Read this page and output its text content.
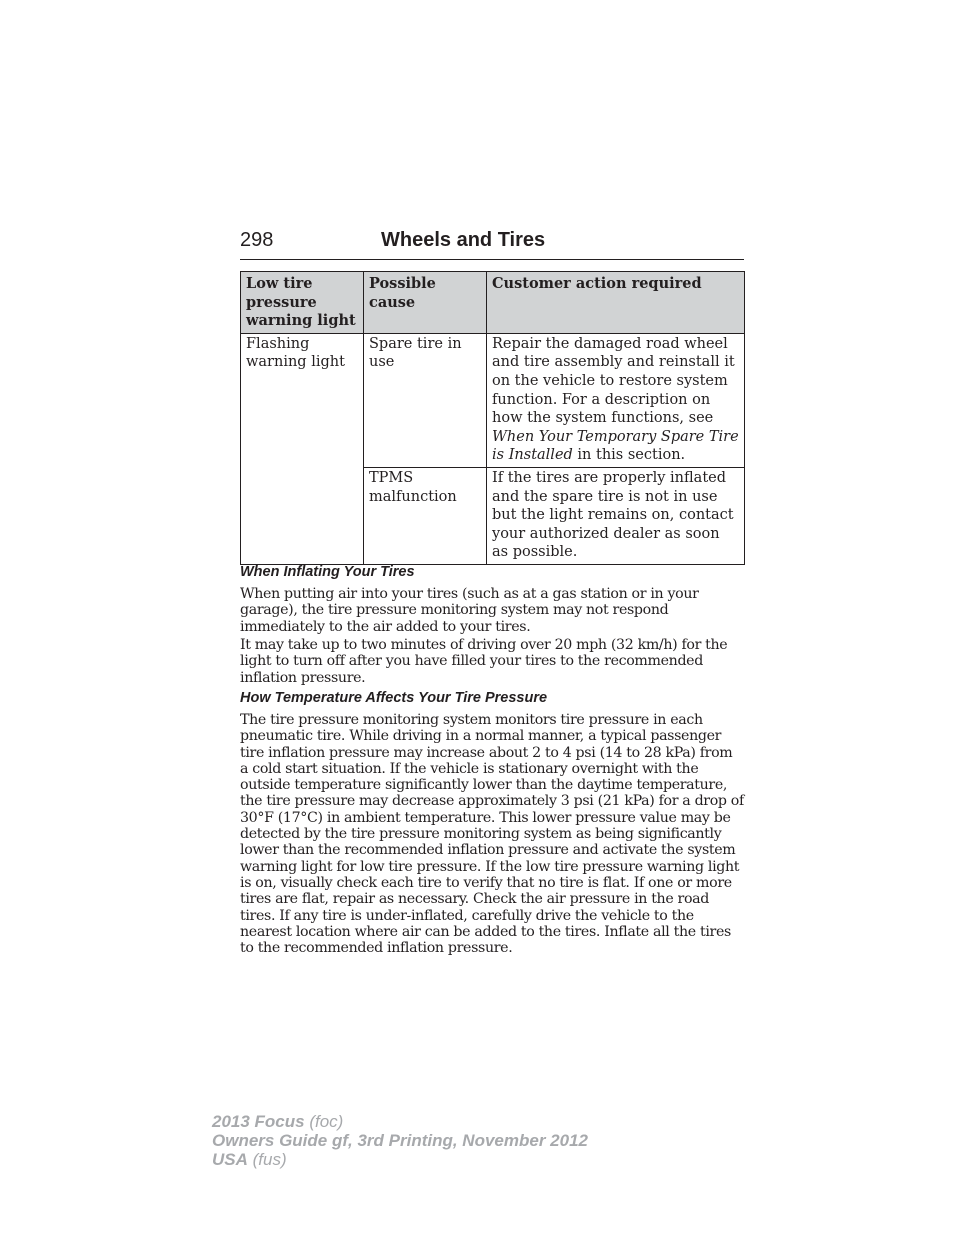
298	Wheels and Tires
Low tire pressure warning light	Possible cause	Customer action required
Flashing warning light	Spare tire in use	Repair the damaged road wheel and tire assembly and reinstall it on the vehicle to restore system function. For a description on how the system functions, see When Your Temporary Spare Tire is Installed in this section.
	TPMS malfunction	If the tires are properly inflated and the spare tire is not in use but the light remains on, contact your authorized dealer as soon as possible.
When Inflating Your Tires

When putting air into your tires (such as at a gas station or in your garage), the tire pressure monitoring system may not respond immediately to the air added to your tires.

It may take up to two minutes of driving over 20 mph (32 km/h) for the light to turn off after you have filled your tires to the recommended inflation pressure.

How Temperature Affects Your Tire Pressure

The tire pressure monitoring system monitors tire pressure in each pneumatic tire. While driving in a normal manner, a typical passenger tire inflation pressure may increase about 2 to 4 psi (14 to 28 kPa) from a cold start situation. If the vehicle is stationary overnight with the outside temperature significantly lower than the daytime temperature, the tire pressure may decrease approximately 3 psi (21 kPa) for a drop of 30°F (17°C) in ambient temperature. This lower pressure value may be detected by the tire pressure monitoring system as being significantly lower than the recommended inflation pressure and activate the system warning light for low tire pressure. If the low tire pressure warning light is on, visually check each tire to verify that no tire is flat. If one or more tires are flat, repair as necessary. Check the air pressure in the road tires. If any tire is under-inflated, carefully drive the vehicle to the nearest location where air can be added to the tires. Inflate all the tires to the recommended inflation pressure.

2013 Focus (foc)
Owners Guide gf, 3rd Printing, November 2012
USA (fus)
